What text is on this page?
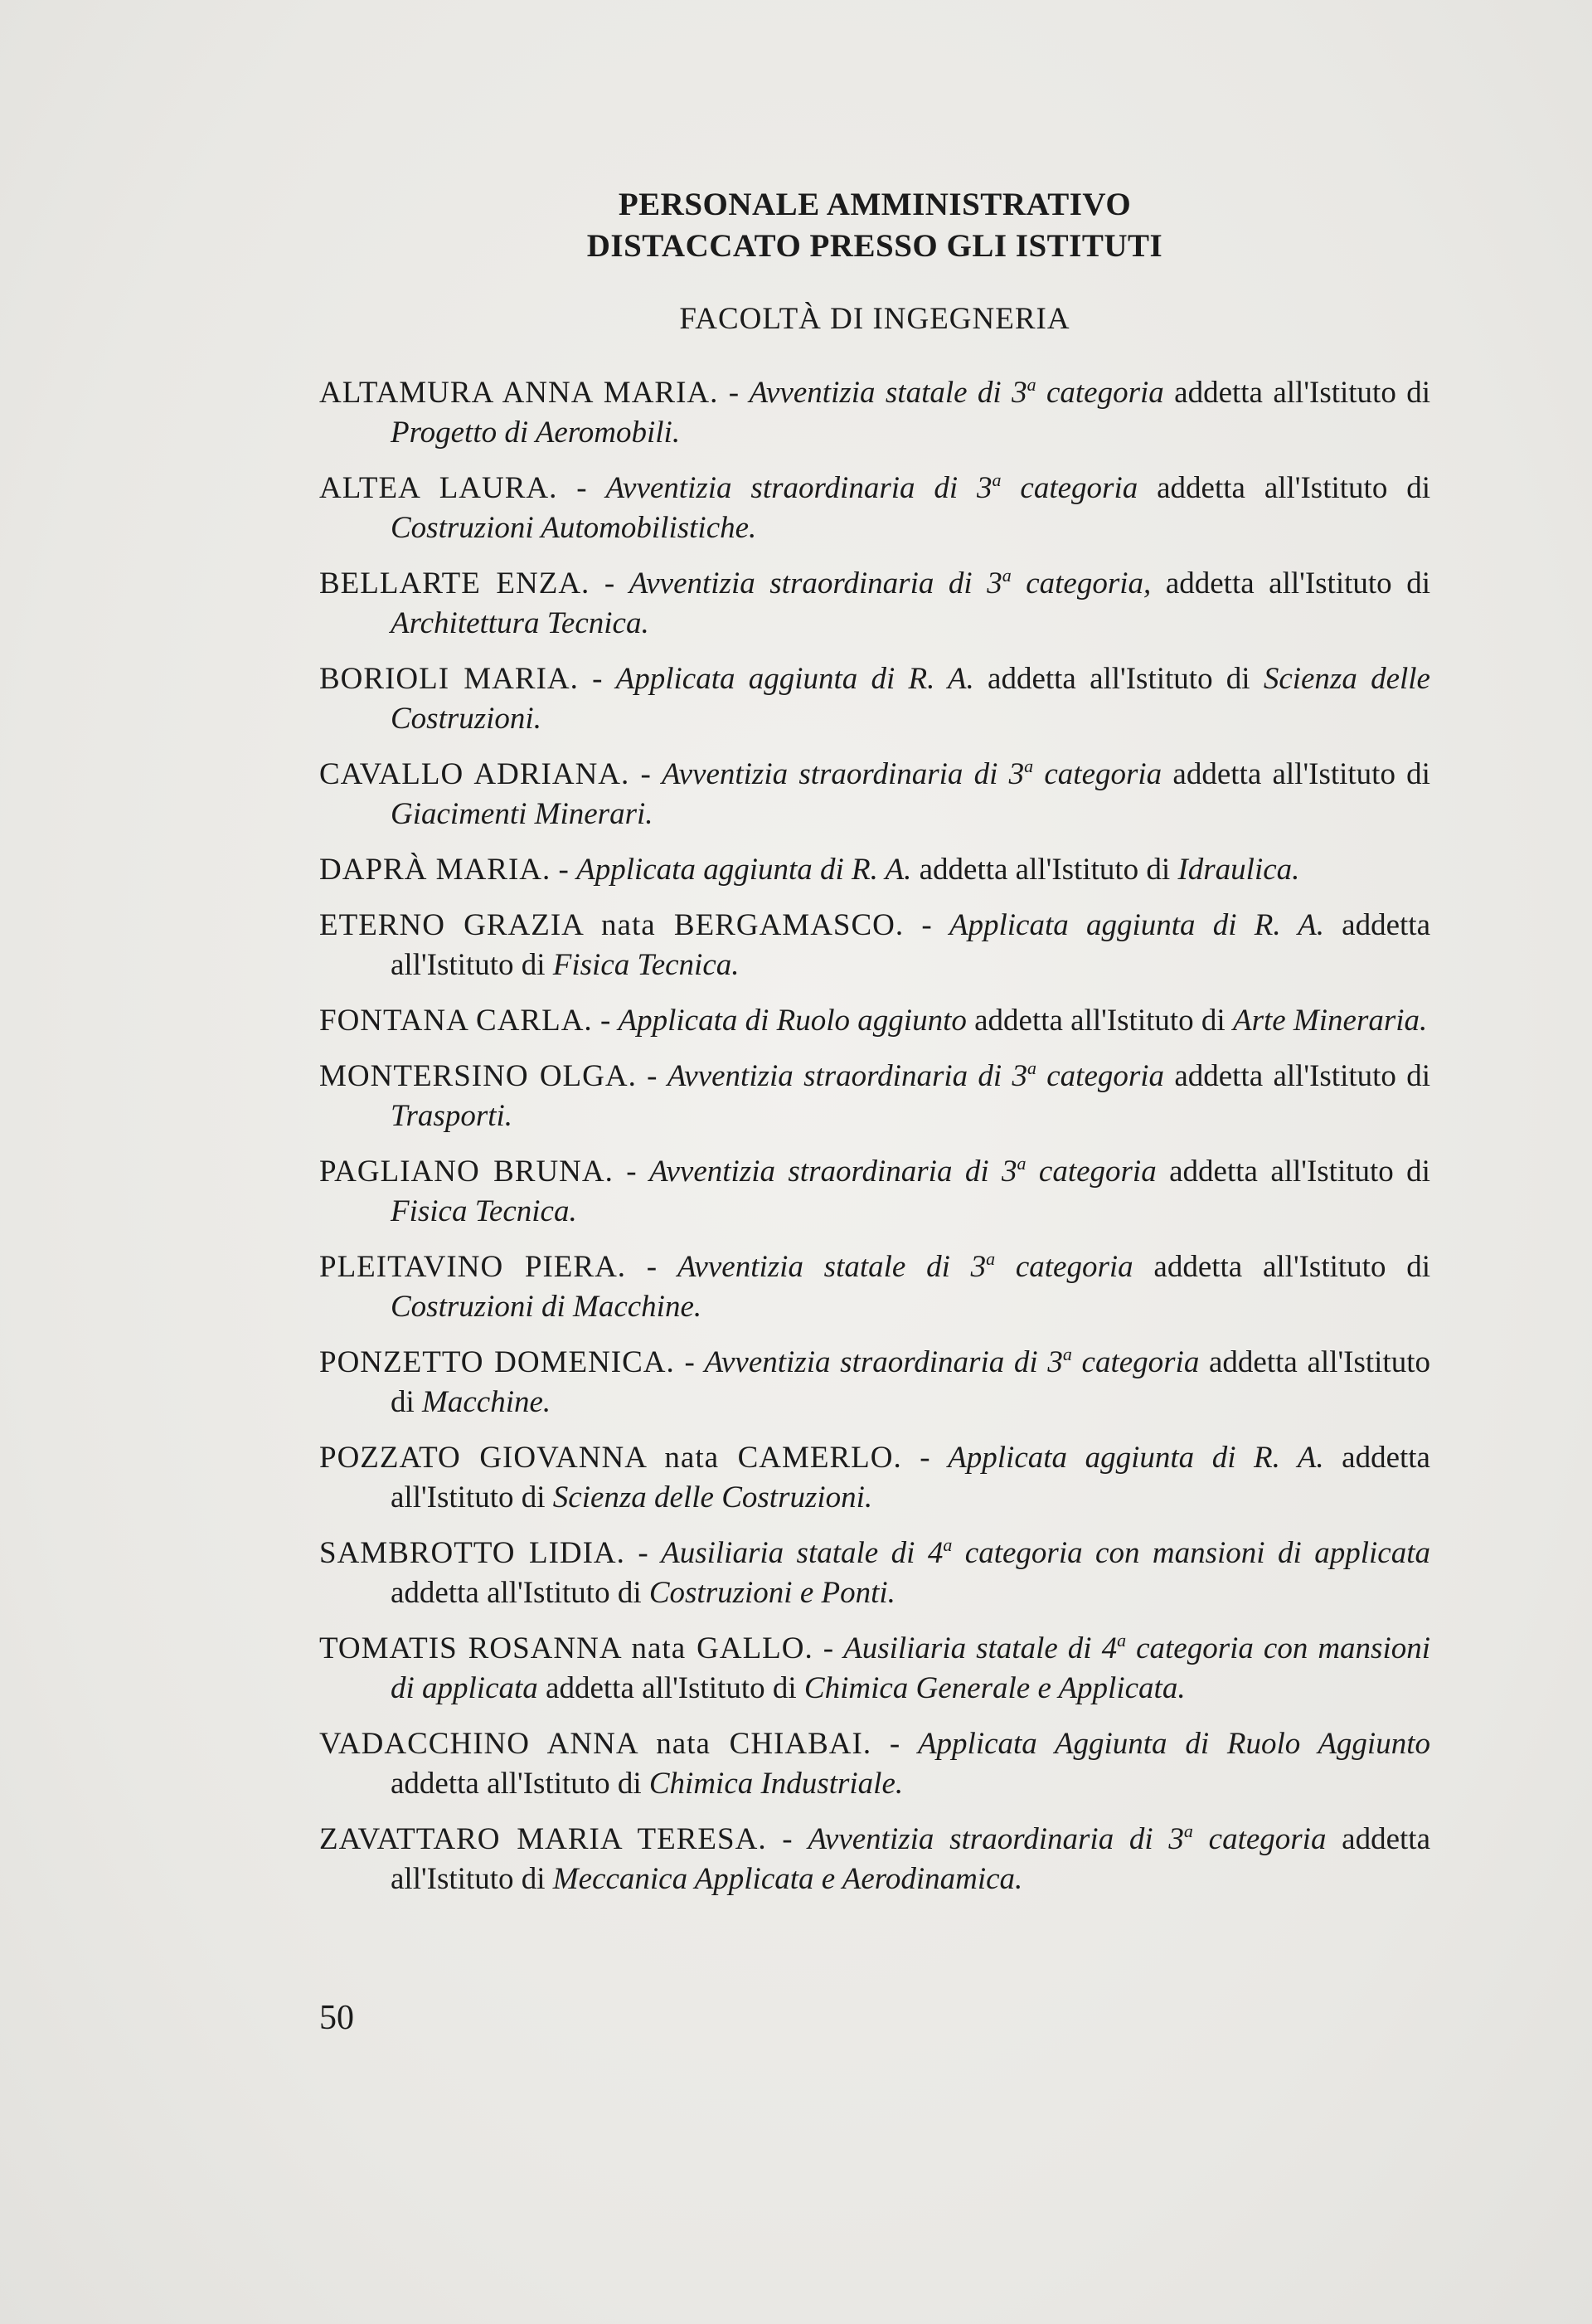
PERSONALE AMMINISTRATIVO
DISTACCATO PRESSO GLI ISTITUTI
FACOLTÀ DI INGEGNERIA

ALTAMURA ANNA MARIA. - Avventizia statale di 3$^a$ categoria addetta all'Istituto di Progetto di Aeromobili.

ALTEA LAURA. - Avventizia straordinaria di 3$^a$ categoria addetta all'Istituto di Costruzioni Automobilistiche.

BELLARTE ENZA. - Avventizia straordinaria di 3$^a$ categoria, addetta all'Istituto di Architettura Tecnica.

BORIOLI MARIA. - Applicata aggiunta di R. A. addetta all'Istituto di Scienza delle Costruzioni.

CAVALLO ADRIANA. - Avventizia straordinaria di 3$^a$ categoria addetta all'Istituto di Giacimenti Minerari.

DAPRÀ MARIA. - Applicata aggiunta di R. A. addetta all'Istituto di Idraulica.

ETERNO GRAZIA nata BERGAMASCO. - Applicata aggiunta di R. A. addetta all'Istituto di Fisica Tecnica.

FONTANA CARLA. - Applicata di Ruolo aggiunto addetta all'Istituto di Arte Mineraria.

MONTERSINO OLGA. - Avventizia straordinaria di 3$^a$ categoria addetta all'Istituto di Trasporti.

PAGLIANO BRUNA. - Avventizia straordinaria di 3$^a$ categoria addetta all'Istituto di Fisica Tecnica.

PLEITAVINO PIERA. - Avventizia statale di 3$^a$ categoria addetta all'Istituto di Costruzioni di Macchine.

PONZETTO DOMENICA. - Avventizia straordinaria di 3$^a$ categoria addetta all'Istituto di Macchine.

POZZATO GIOVANNA nata CAMERLO. - Applicata aggiunta di R. A. addetta all'Istituto di Scienza delle Costruzioni.

SAMBROTTO LIDIA. - Ausiliaria statale di 4$^a$ categoria con mansioni di applicata addetta all'Istituto di Costruzioni e Ponti.

TOMATIS ROSANNA nata GALLO. - Ausiliaria statale di 4$^a$ categoria con mansioni di applicata addetta all'Istituto di Chimica Generale e Applicata.

VADACCHINO ANNA nata CHIABAI. - Applicata Aggiunta di Ruolo Aggiunto addetta all'Istituto di Chimica Industriale.

ZAVATTARO MARIA TERESA. - Avventizia straordinaria di 3$^a$ categoria addetta all'Istituto di Meccanica Applicata e Aerodinamica.

50
